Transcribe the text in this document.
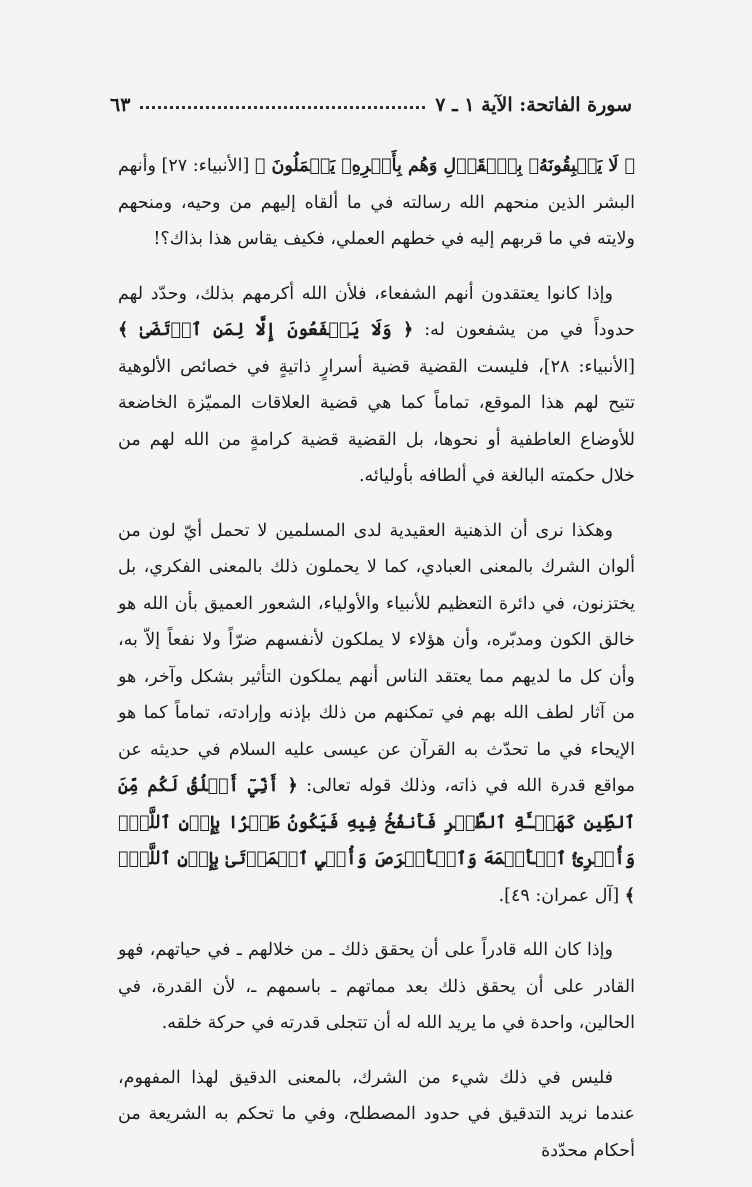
سورة الفاتحة: الآية ١ ـ ٧
٦٣

﴿ لَا يَسۡبِقُونَهُۥ بِٱلۡقَوۡلِ وَهُم بِأَمۡرِهِۦ يَعۡمَلُونَ ﴾ [الأنبياء: ٢٧] وأنهم البشر الذين منحهم الله رسالته في ما ألقاه إليهم من وحيه، ومنحهم ولايته في ما قربهم إليه في خطهم العملي، فكيف يقاس هذا بذاك؟!

وإذا كانوا يعتقدون أنهم الشفعاء، فلأن الله أكرمهم بذلك، وحدّد لهم حدوداً في من يشفعون له: ﴿ وَلَا يَشۡفَعُونَ إِلَّا لِمَنِ ٱرۡتَضَىٰ ﴾ [الأنبياء: ٢٨]، فليست القضية قضية أسرارٍ ذاتيةٍ في خصائص الألوهية تتيح لهم هذا الموقع، تماماً كما هي قضية العلاقات المميّزة الخاضعة للأوضاع العاطفية أو نحوها، بل القضية قضية كرامةٍ من الله لهم من خلال حكمته البالغة في ألطافه بأوليائه.

وهكذا نرى أن الذهنية العقيدية لدى المسلمين لا تحمل أيّ لون من ألوان الشرك بالمعنى العبادي، كما لا يحملون ذلك بالمعنى الفكري، بل يختزنون، في دائرة التعظيم للأنبياء والأولياء، الشعور العميق بأن الله هو خالق الكون ومدبّره، وأن هؤلاء لا يملكون لأنفسهم ضرّاً ولا نفعاً إلاّ به، وأن كل ما لديهم مما يعتقد الناس أنهم يملكون التأثير بشكل وآخر، هو من آثار لطف الله بهم في تمكنهم من ذلك بإذنه وإرادته، تماماً كما هو الإيحاء في ما تحدّث به القرآن عن عيسى عليه السلام في حديثه عن مواقع قدرة الله في ذاته، وذلك قوله تعالى: ﴿ أَنِّيٓ أَخۡلُقُ لَكُم مِّنَ ٱلطِّينِ كَهَيۡـَٔةِ ٱلطَّيۡرِ فَأَنفُخُ فِيهِ فَيَكُونُ طَيۡرَۢا بِإِذۡنِ ٱللَّهِۖ وَأُبۡرِئُ ٱلۡأَكۡمَهَ وَٱلۡأَبۡرَصَ وَأُحۡيِ ٱلۡمَوۡتَىٰ بِإِذۡنِ ٱللَّهِۖ ﴾ [آل عمران: ٤٩].

وإذا كان الله قادراً على أن يحقق ذلك ـ من خلالهم ـ في حياتهم، فهو القادر على أن يحقق ذلك بعد مماتهم ـ باسمهم ـ، لأن القدرة، في الحالين، واحدة في ما يريد الله له أن تتجلى قدرته في حركة خلقه.

فليس في ذلك شيء من الشرك، بالمعنى الدقيق لهذا المفهوم، عندما نريد التدقيق في حدود المصطلح، وفي ما تحكم به الشريعة من أحكام محدّدة
